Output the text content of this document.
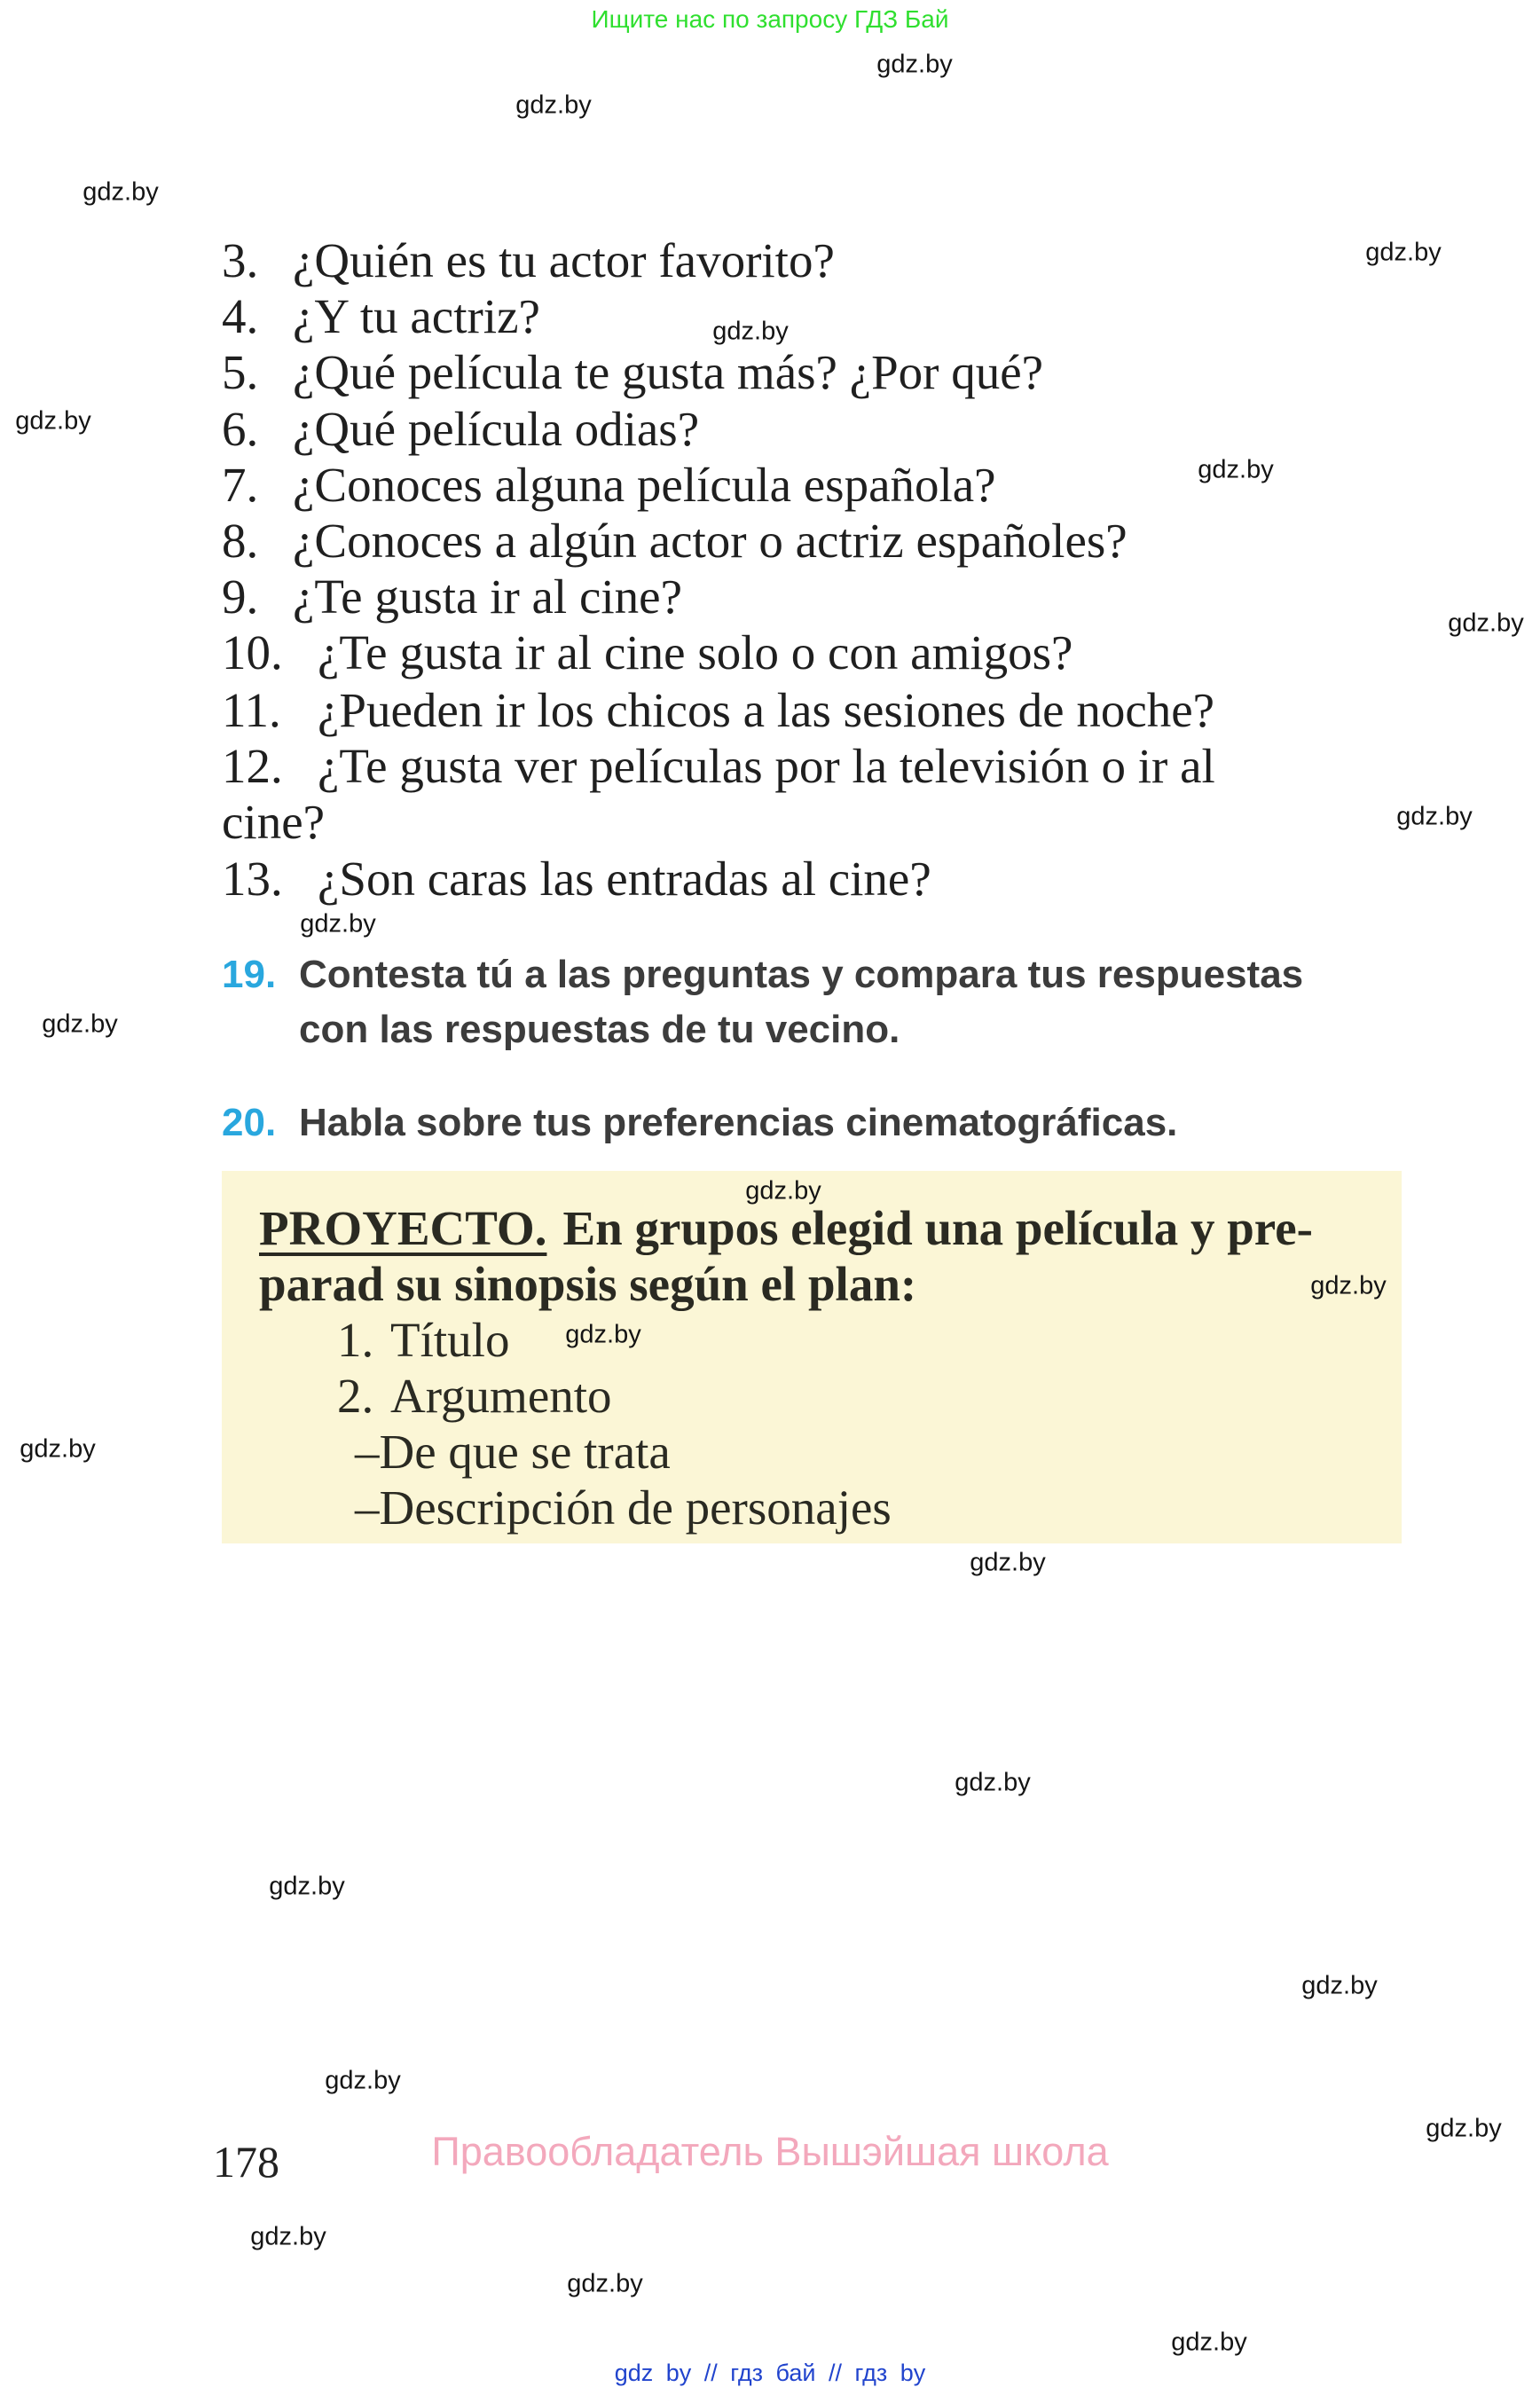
Ищите нас по запросу ГДЗ Бай
gdz.by
gdz.by
gdz.by
gdz.by
gdz.by
gdz.by
gdz.by
gdz.by
gdz.by
gdz.by
gdz.by
gdz.by
gdz.by
gdz.by
gdz.by
gdz.by
gdz.by
gdz.by
gdz.by
gdz.by
gdz.by
gdz.by
gdz.by
gdz.by
3. ¿Quién es tu actor favorito?
4. ¿Y tu actriz?
5. ¿Qué película te gusta más? ¿Por qué?
6. ¿Qué película odias?
7. ¿Conoces alguna película española?
8. ¿Conoces a algún actor o actriz españoles?
9. ¿Te gusta ir al cine?
10. ¿Te gusta ir al cine solo o con amigos?
11. ¿Pueden ir los chicos a las sesiones de noche?
12. ¿Te gusta ver películas por la televisión o ir al
cine?
13. ¿Son caras las entradas al cine?
19. Contesta tú a las preguntas y compara tus respuestas
con las respuestas de tu vecino.
20. Habla sobre tus preferencias cinematográficas.
PROYECTO. En grupos elegid una película y pre-
parad su sinopsis según el plan:
1. Título
2. Argumento
–De que se trata
–Descripción de personajes
178	Правообладатель Вышэйшая школа
gdz by // гдз бай // гдз by
